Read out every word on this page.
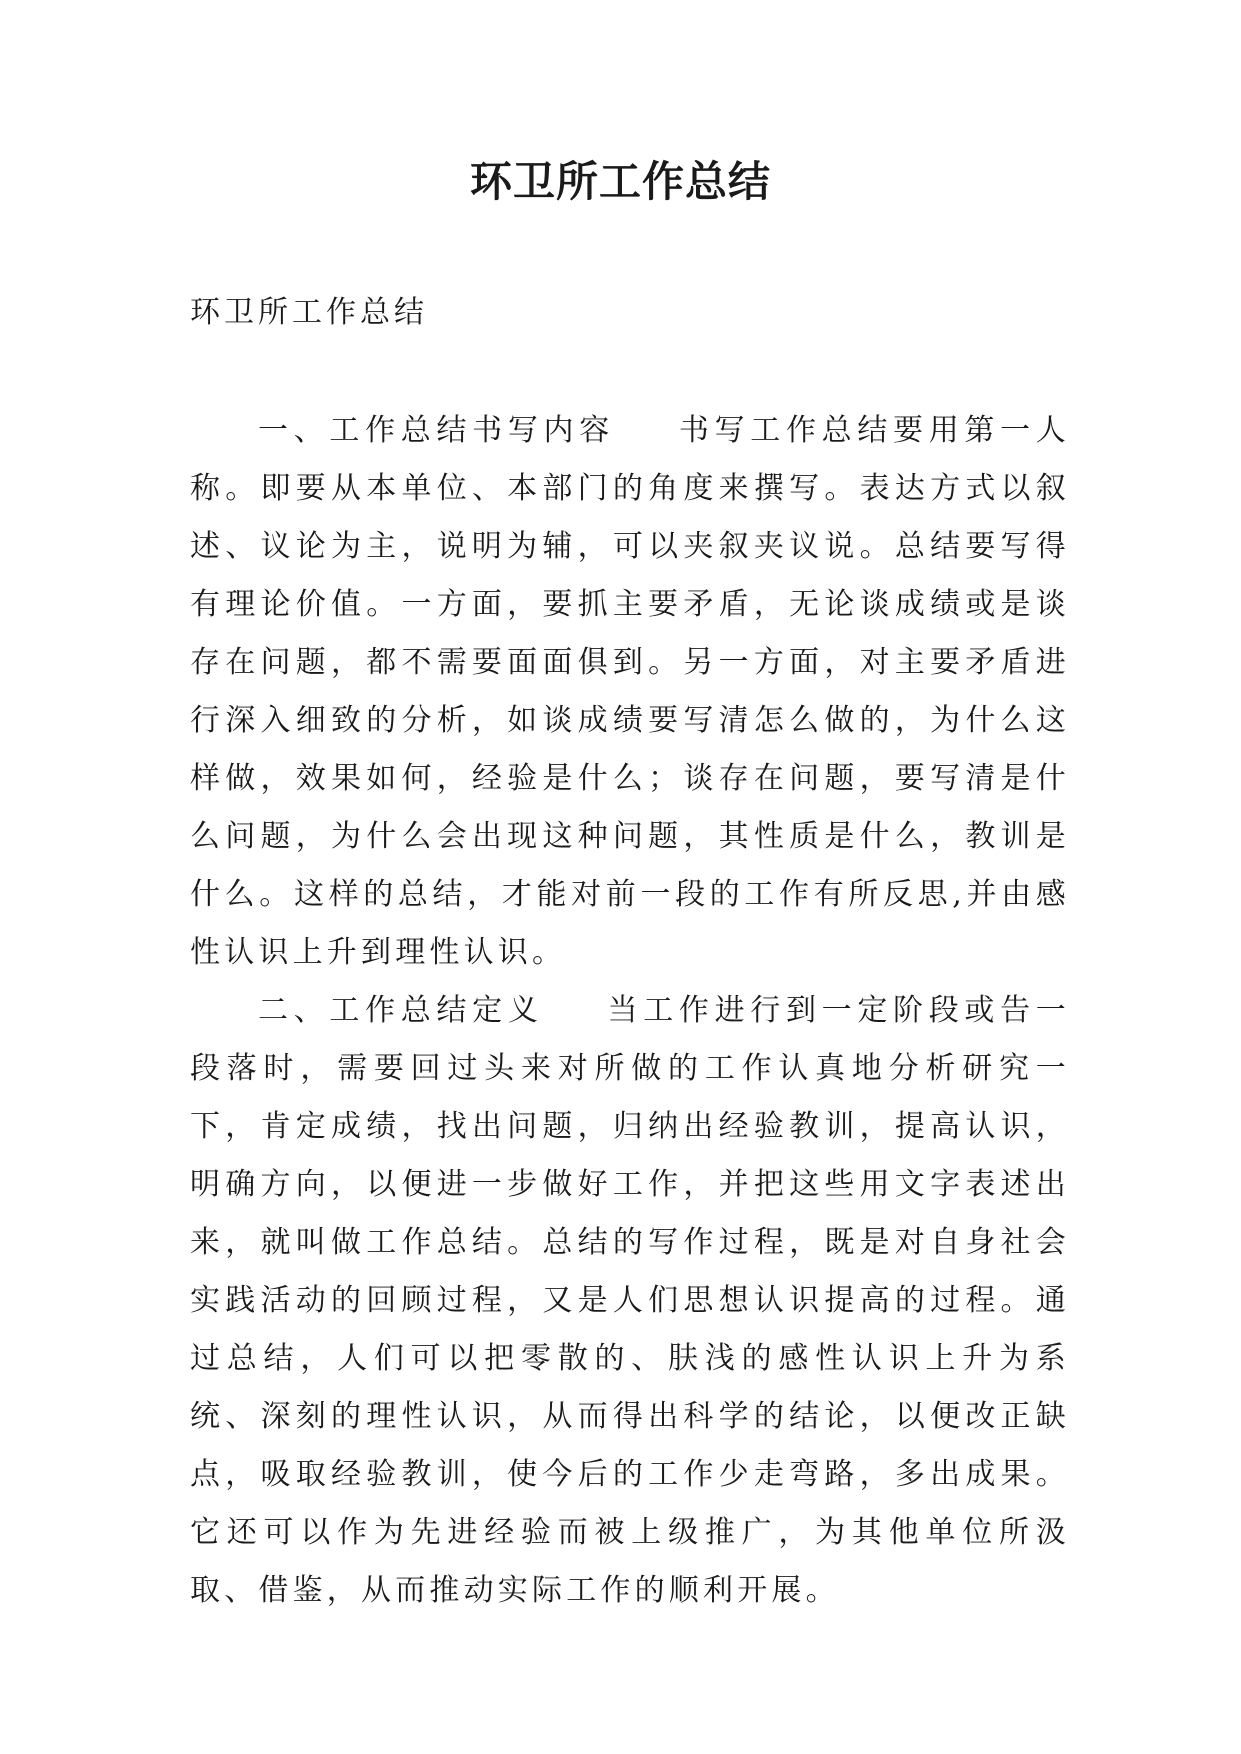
环卫所工作总结

环卫所工作总结

一、工作总结书写内容 书写工作总结要用第一人称。即要从本单位、本部门的角度来撰写。表达方式以叙述、议论为主，说明为辅，可以夹叙夹议说。总结要写得有理论价值。一方面，要抓主要矛盾，无论谈成绩或是谈存在问题，都不需要面面俱到。另一方面，对主要矛盾进行深入细致的分析，如谈成绩要写清怎么做的，为什么这样做，效果如何，经验是什么；谈存在问题，要写清是什么问题，为什么会出现这种问题，其性质是什么，教训是什么。这样的总结，才能对前一段的工作有所反思,并由感性认识上升到理性认识。

二、工作总结定义 当工作进行到一定阶段或告一段落时，需要回过头来对所做的工作认真地分析研究一下，肯定成绩，找出问题，归纳出经验教训，提高认识，明确方向，以便进一步做好工作，并把这些用文字表述出来，就叫做工作总结。总结的写作过程，既是对自身社会实践活动的回顾过程，又是人们思想认识提高的过程。通过总结，人们可以把零散的、肤浅的感性认识上升为系统、深刻的理性认识，从而得出科学的结论，以便改正缺点，吸取经验教训，使今后的工作少走弯路，多出成果。它还可以作为先进经验而被上级推广，为其他单位所汲取、借鉴，从而推动实际工作的顺利开展。
